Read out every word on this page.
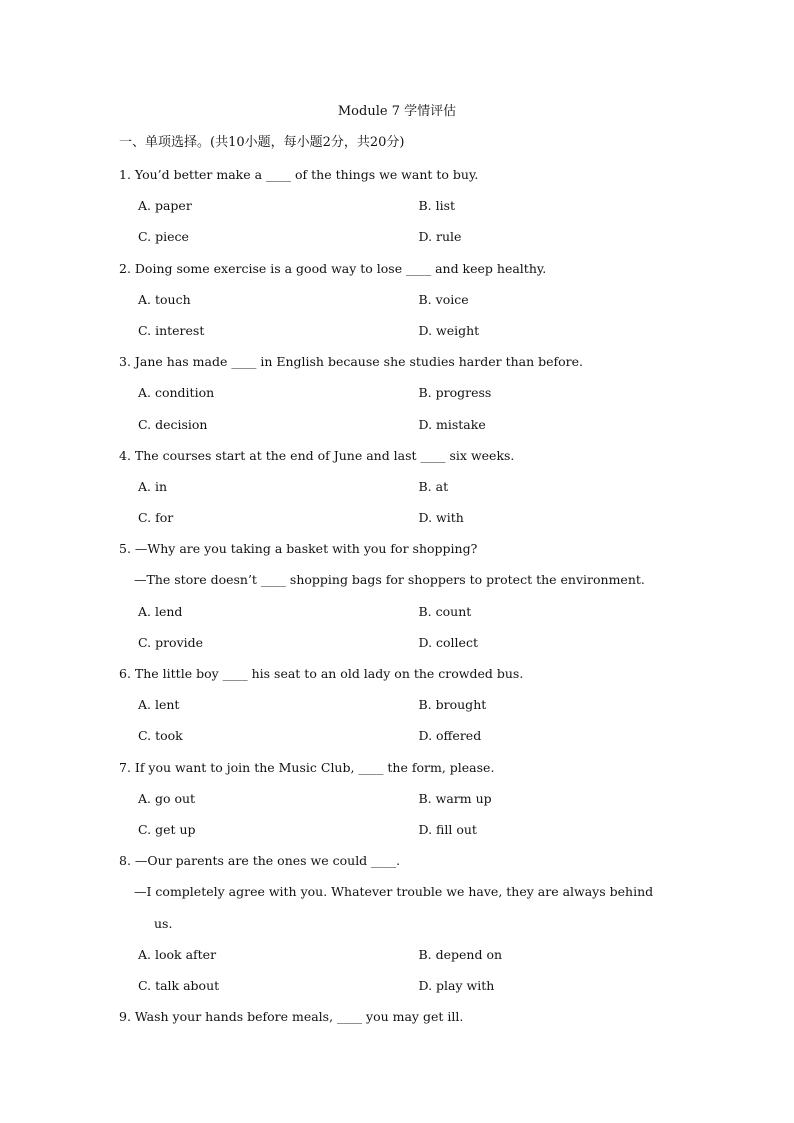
Module 7 学情评估
一、单项选择。(共10小题，每小题2分，共20分)
1. You’d better make a ____ of the things we want to buy.
A. paper	B. list
C. piece	D. rule
2. Doing some exercise is a good way to lose ____ and keep healthy.
A. touch	B. voice
C. interest	D. weight
3. Jane has made ____ in English because she studies harder than before.
A. condition	B. progress
C. decision	D. mistake
4. The courses start at the end of June and last ____ six weeks.
A. in	B. at
C. for	D. with
5. —Why are you taking a basket with you for shopping?
—The store doesn’t ____ shopping bags for shoppers to protect the environment.
A. lend	B. count
C. provide	D. collect
6. The little boy ____ his seat to an old lady on the crowded bus.
A. lent	B. brought
C. took	D. offered
7. If you want to join the Music Club, ____ the form, please.
A. go out	B. warm up
C. get up	D. fill out
8. —Our parents are the ones we could ____.
—I completely agree with you. Whatever trouble we have, they are always behind
us.
A. look after	B. depend on
C. talk about	D. play with
9. Wash your hands before meals, ____ you may get ill.
